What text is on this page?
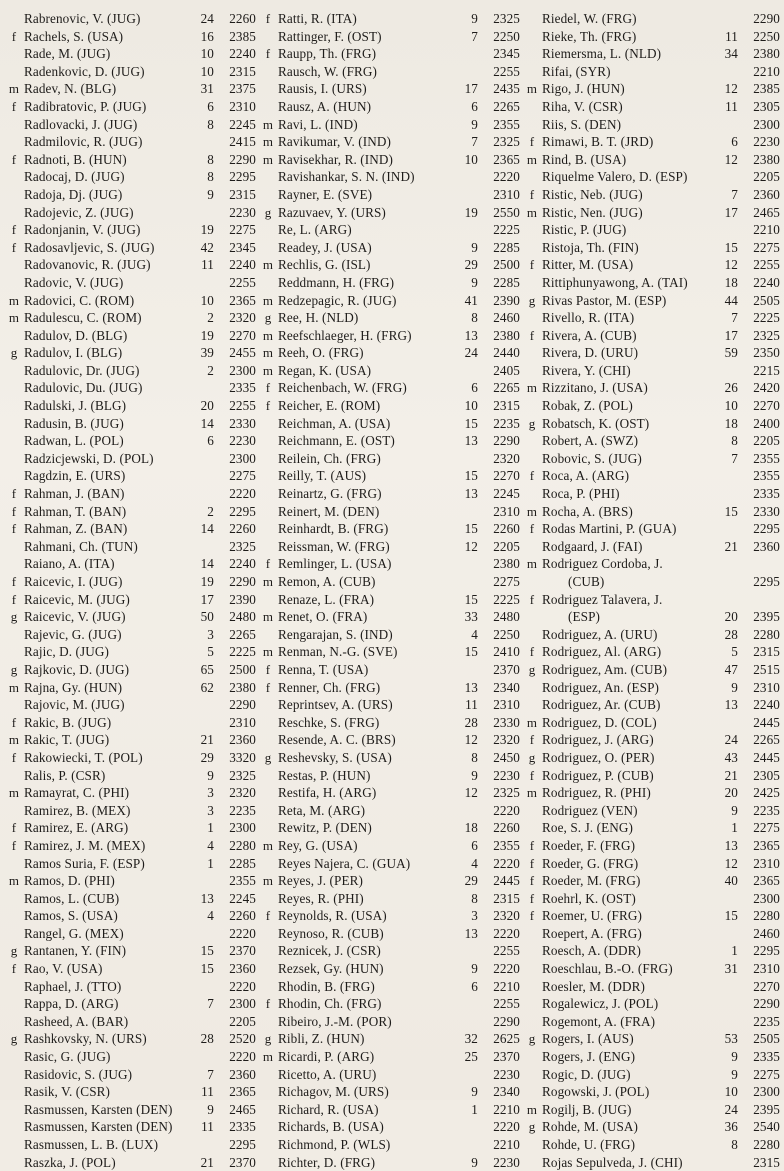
Rabrenovic, V. (JUG)	24	2260
f Rachels, S. (USA)	16	2385
Rade, M. (JUG)	10	2240
Radenkovic, D. (JUG)	10	2315
m Radev, N. (BLG)	31	2375
f Radibratovic, P. (JUG)	6	2310
Radlovacki, J. (JUG)	8	2245
Radmilovic, R. (JUG)	2415
f Radnoti, B. (HUN)	8	2290
Radocaj, D. (JUG)	8	2295
Radoja, Dj. (JUG)	9	2315
Radojevic, Z. (JUG)	2230
f Radonjanin, V. (JUG)	19	2275
f Radosavljevic, S. (JUG)	42	2345
Radovanovic, R. (JUG)	11	2240
Radovic, V. (JUG)	2255
m Radovici, C. (ROM)	10	2365
m Radulescu, C. (ROM)	2	2320
Radulov, D. (BLG)	19	2270
g Radulov, I. (BLG)	39	2455
Radulovic, Dr. (JUG)	2	2300
Radulovic, Du. (JUG)	2335
Radulski, J. (BLG)	20	2255
Radusin, B. (JUG)	14	2330
Radwan, L. (POL)	6	2230
Radzicjewski, D. (POL)	2300
Ragdzin, E. (URS)	2275
f Rahman, J. (BAN)	2220
f Rahman, T. (BAN)	2	2295
f Rahman, Z. (BAN)	14	2260
Rahmani, Ch. (TUN)	2325
Raiano, A. (ITA)	14	2240
f Raicevic, I. (JUG)	19	2290
f Raicevic, M. (JUG)	17	2390
g Raicevic, V. (JUG)	50	2480
Rajevic, G. (JUG)	3	2265
Rajic, D. (JUG)	5	2225
g Rajkovic, D. (JUG)	65	2500
m Rajna, Gy. (HUN)	62	2380
Rajovic, M. (JUG)	2290
f Rakic, B. (JUG)	2310
m Rakic, T. (JUG)	21	2360
f Rakowiecki, T. (POL)	29	3320
Ralis, P. (CSR)	9	2325
m Ramayrat, C. (PHI)	3	2320
Ramirez, B. (MEX)	3	2235
f Ramirez, E. (ARG)	1	2300
f Ramirez, J. M. (MEX)	4	2280
Ramos Suria, F. (ESP)	1	2285
m Ramos, D. (PHI)	2355
Ramos, L. (CUB)	13	2245
Ramos, S. (USA)	4	2260
Rangel, G. (MEX)	2220
g Rantanen, Y. (FIN)	15	2370
f Rao, V. (USA)	15	2360
Raphael, J. (TTO)	2220
Rappa, D. (ARG)	7	2300
Rasheed, A. (BAR)	2205
g Rashkovsky, N. (URS)	28	2520
Rasic, G. (JUG)	2220
Rasidovic, S. (JUG)	7	2360
Rasik, V. (CSR)	11	2365
Rasmussen, Karsten (DEN)	9	2465
Rasmussen, Karsten (DEN)	11	2335
Rasmussen, L. B. (LUX)	2295
Raszka, J. (POL)	21	2370
f Ratti, R. (ITA)	9	2325
Rattinger, F. (OST)	7	2250
f Raupp, Th. (FRG)	2345
Rausch, W. (FRG)	2255
Rausis, I. (URS)	17	2435
Rausz, A. (HUN)	6	2265
m Ravi, L. (IND)	9	2355
m Ravikumar, V. (IND)	7	2325
m Ravisekhar, R. (IND)	10	2365
Ravishankar, S. N. (IND)	2220
Rayner, E. (SVE)	2310
g Razuvaev, Y. (URS)	19	2550
Re, L. (ARG)	2225
Readey, J. (USA)	9	2285
m Rechlis, G. (ISL)	29	2500
Reddmann, H. (FRG)	9	2285
m Redzepagic, R. (JUG)	41	2390
g Ree, H. (NLD)	8	2460
m Reefschlaeger, H. (FRG)	13	2380
m Reeh, O. (FRG)	24	2440
m Regan, K. (USA)	2405
f Reichenbach, W. (FRG)	6	2265
f Reicher, E. (ROM)	10	2315
Reichman, A. (USA)	15	2235
Reichmann, E. (OST)	13	2290
Reilein, Ch. (FRG)	2320
Reilly, T. (AUS)	15	2270
Reinartz, G. (FRG)	13	2245
Reinert, M. (DEN)	2310
Reinhardt, B. (FRG)	15	2260
Reissman, W. (FRG)	12	2205
f Remlinger, L. (USA)	2380
m Remon, A. (CUB)	2275
Renaze, L. (FRA)	15	2225
m Renet, O. (FRA)	33	2480
Rengarajan, S. (IND)	4	2250
m Renman, N.-G. (SVE)	15	2410
f Renna, T. (USA)	2370
f Renner, Ch. (FRG)	13	2340
Reprintsev, A. (URS)	11	2310
Reschke, S. (FRG)	28	2330
Resende, A. C. (BRS)	12	2320
g Reshevsky, S. (USA)	8	2450
Restas, P. (HUN)	9	2230
Restifa, H. (ARG)	12	2325
Reta, M. (ARG)	2220
Rewitz, P. (DEN)	18	2260
m Rey, G. (USA)	6	2355
Reyes Najera, C. (GUA)	4	2220
m Reyes, J. (PER)	29	2445
Reyes, R. (PHI)	8	2315
f Reynolds, R. (USA)	3	2320
Reynoso, R. (CUB)	13	2220
Reznicek, J. (CSR)	2255
Rezsek, Gy. (HUN)	9	2220
Rhodin, B. (FRG)	6	2210
f Rhodin, Ch. (FRG)	2255
Ribeiro, J.-M. (POR)	2290
g Ribli, Z. (HUN)	32	2625
m Ricardi, P. (ARG)	25	2370
Ricetto, A. (URU)	2230
Richagov, M. (URS)	9	2340
Richard, R. (USA)	1	2210
Richards, B. (USA)	2220
Richmond, P. (WLS)	2210
Richter, D. (FRG)	9	2230
Riedel, W. (FRG)	2290
Rieke, Th. (FRG)	11	2250
Riemersma, L. (NLD)	34	2380
Rifai, (SYR)	2210
m Rigo, J. (HUN)	12	2385
Riha, V. (CSR)	11	2305
Riis, S. (DEN)	2300
f Rimawi, B. T. (JRD)	6	2230
m Rind, B. (USA)	12	2380
Riquelme Valero, D. (ESP)	2205
f Ristic, Neb. (JUG)	7	2360
m Ristic, Nen. (JUG)	17	2465
Ristic, P. (JUG)	2210
Ristoja, Th. (FIN)	15	2275
f Ritter, M. (USA)	12	2255
Rittiphunyawong, A. (TAI)	18	2240
g Rivas Pastor, M. (ESP)	44	2505
Rivello, R. (ITA)	7	2225
f Rivera, A. (CUB)	17	2325
Rivera, D. (URU)	59	2350
Rivera, Y. (CHI)	2215
m Rizzitano, J. (USA)	26	2420
Robak, Z. (POL)	10	2270
g Robatsch, K. (OST)	18	2400
Robert, A. (SWZ)	8	2205
Robovic, S. (JUG)	7	2355
f Roca, A. (ARG)	2355
Roca, P. (PHI)	2335
m Rocha, A. (BRS)	15	2330
f Rodas Martini, P. (GUA)	2295
Rodgaard, J. (FAI)	21	2360
m Rodriguez Cordoba, J.
(CUB)	2295
f Rodriguez Talavera, J.
(ESP)	20	2395
Rodriguez, A. (URU)	28	2280
f Rodriguez, Al. (ARG)	5	2315
g Rodriguez, Am. (CUB)	47	2515
Rodriguez, An. (ESP)	9	2310
Rodriguez, Ar. (CUB)	13	2240
m Rodriguez, D. (COL)	2445
f Rodriguez, J. (ARG)	24	2265
g Rodriguez, O. (PER)	43	2445
f Rodriguez, P. (CUB)	21	2305
m Rodriguez, R. (PHI)	20	2425
Rodriguez (VEN)	9	2235
Roe, S. J. (ENG)	1	2275
f Roeder, F. (FRG)	13	2365
f Roeder, G. (FRG)	12	2310
f Roeder, M. (FRG)	40	2365
f Roehrl, K. (OST)	2300
f Roemer, U. (FRG)	15	2280
Roepert, A. (FRG)	2460
Roesch, A. (DDR)	1	2295
Roeschlau, B.-O. (FRG)	31	2310
Roesler, M. (DDR)	2270
Rogalewicz, J. (POL)	2290
Rogemont, A. (FRA)	2235
g Rogers, I. (AUS)	53	2505
Rogers, J. (ENG)	9	2335
Rogic, D. (JUG)	9	2275
Rogowski, J. (POL)	10	2300
m Rogilj, B. (JUG)	24	2395
g Rohde, M. (USA)	36	2540
Rohde, U. (FRG)	8	2280
Rojas Sepulveda, J. (CHI)	2315
